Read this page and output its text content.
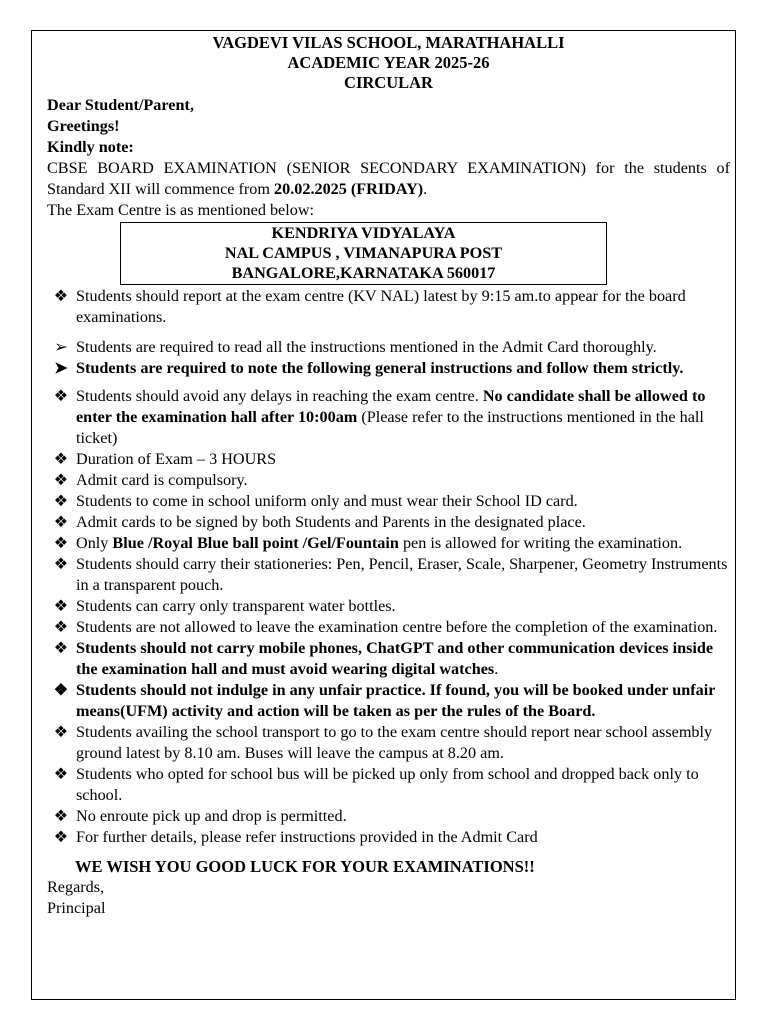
VAGDEVI VILAS SCHOOL, MARATHAHALLI
ACADEMIC YEAR 2025-26
CIRCULAR
Dear Student/Parent,
Greetings!
Kindly note:
CBSE BOARD EXAMINATION (SENIOR SECONDARY EXAMINATION) for the students of Standard XII will commence from 20.02.2025 (FRIDAY).
The Exam Centre is as mentioned below:
KENDRIYA VIDYALAYA
NAL CAMPUS , VIMANAPURA POST
BANGALORE,KARNATAKA 560017
❖ Students should report at the exam centre (KV NAL) latest by 9:15 am.to appear for the board examinations.
➢ Students are required to read all the instructions mentioned in the Admit Card thoroughly.
➤ Students are required to note the following general instructions and follow them strictly.
❖ Students should avoid any delays in reaching the exam centre. No candidate shall be allowed to enter the examination hall after 10:00am (Please refer to the instructions mentioned in the hall ticket)
❖ Duration of Exam – 3 HOURS
❖ Admit card is compulsory.
❖ Students to come in school uniform only and must wear their School ID card.
❖ Admit cards to be signed by both Students and Parents in the designated place.
❖ Only Blue /Royal Blue ball point /Gel/Fountain pen is allowed for writing the examination.
❖ Students should carry their stationeries: Pen, Pencil, Eraser, Scale, Sharpener, Geometry Instruments in a transparent pouch.
❖ Students can carry only transparent water bottles.
❖ Students are not allowed to leave the examination centre before the completion of the examination.
❖ Students should not carry mobile phones, ChatGPT and other communication devices inside the examination hall and must avoid wearing digital watches.
❖ Students should not indulge in any unfair practice. If found, you will be booked under unfair means(UFM) activity and action will be taken as per the rules of the Board.
❖ Students availing the school transport to go to the exam centre should report near school assembly ground latest by 8.10 am. Buses will leave the campus at 8.20 am.
❖ Students who opted for school bus will be picked up only from school and dropped back only to school.
❖ No enroute pick up and drop is permitted.
❖ For further details, please refer instructions provided in the Admit Card
WE WISH YOU GOOD LUCK FOR YOUR EXAMINATIONS!!
Regards,
Principal
